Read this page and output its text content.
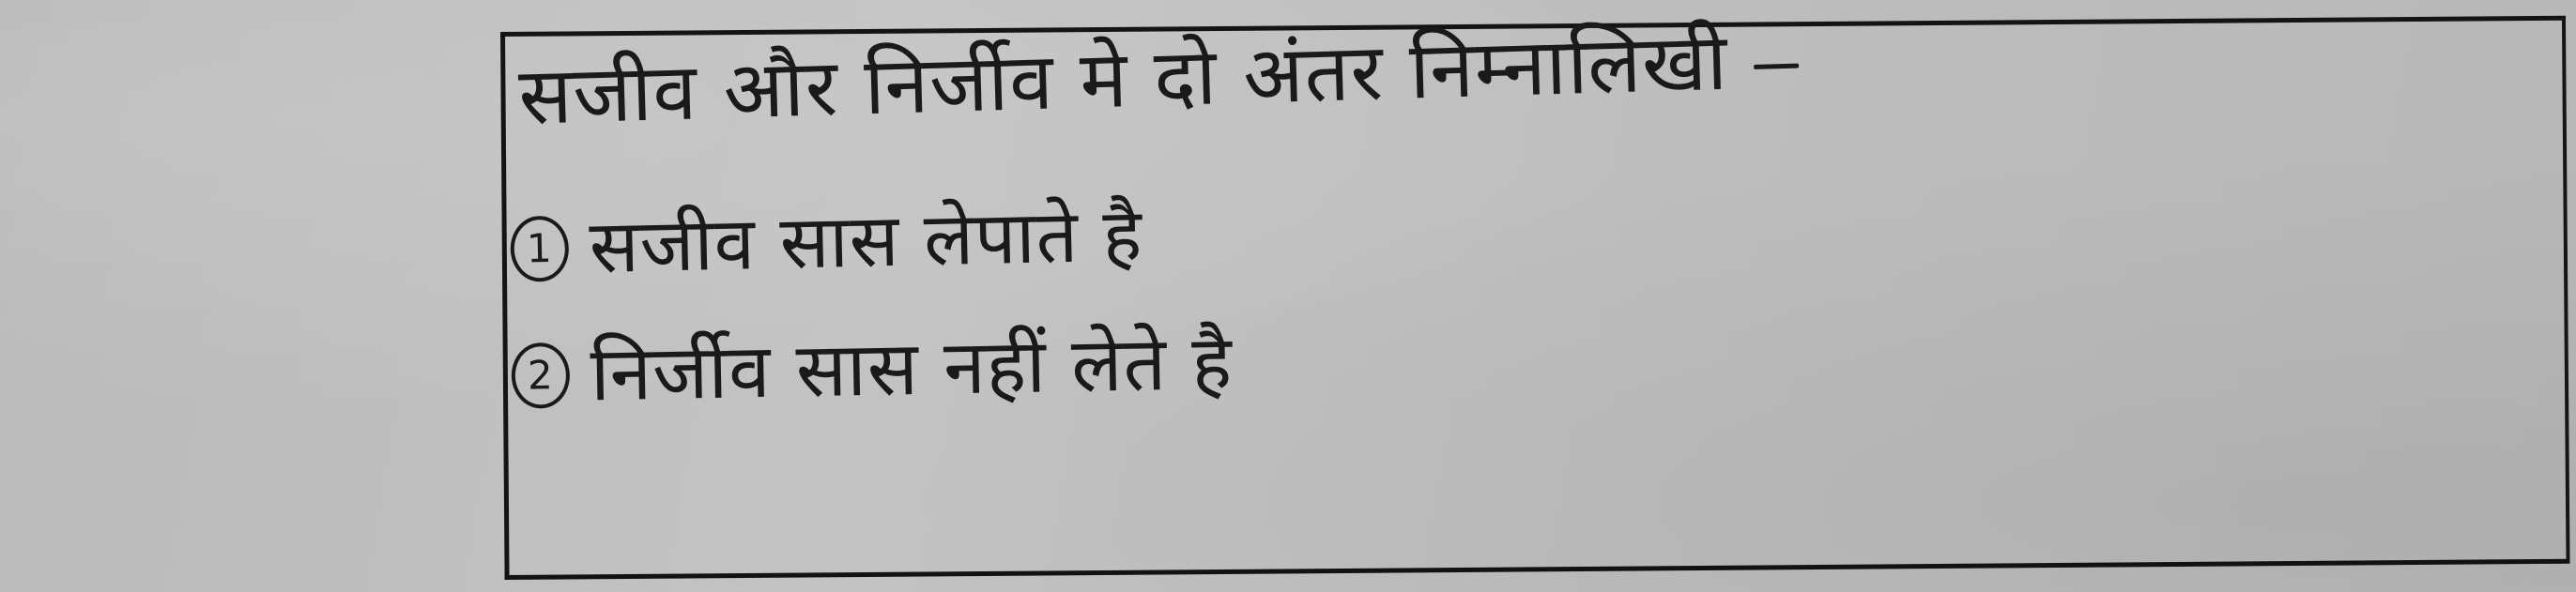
सजीव और निर्जीव मे दो अंतर निम्नालिखी

1 सजीव सास लेपाते है
2 निर्जीव सास नहीं लेते है
